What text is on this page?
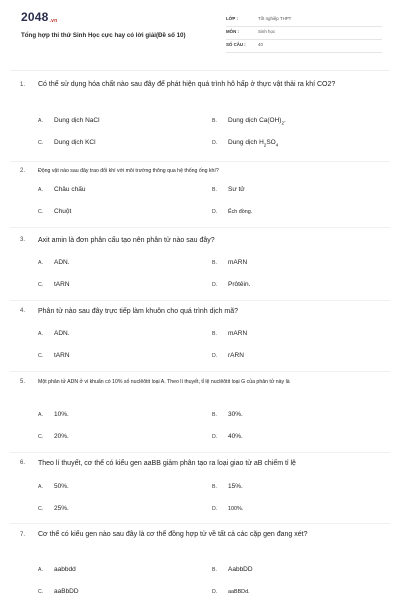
2048.vn
Tổng hợp thi thử Sinh Học cực hay có lời giải(Đề số 10)
LỚP :	Tốt nghiệp THPT
MÔN :	Sinh học
SỐ CÂU :	40
1. Có thể sử dụng hóa chất nào sau đây để phát hiện quá trình hô hấp ở thực vật thải ra khí CO2?
A. Dung dịch NaCl	B. Dung dịch $Ca(OH)_2$.
C. Dung dịch KCl	D. Dung dịch $H_2SO_4$
2. Động vật nào sau đây trao đổi khí với môi trường thông qua hệ thống ống khí?
A. Châu chấu	B. Sư tử
C. Chuột	D. Ếch đồng.
3. Axit amin là đơn phân cấu tạo nên phân tử nào sau đây?
A. ADN.	B. mARN
C. tARN	D. Prôtêin.
4. Phân tử nào sau đây trực tiếp làm khuôn cho quá trình dịch mã?
A. ADN.	B. mARN
C. tARN	D. rARN
5. Một phân tử ADN ở vi khuẩn có 10% số nuclêôtit loại A. Theo lí thuyết, tỉ lệ nuclêôtit loại G của phân tử này là
A. 10%.	B. 30%.
C. 20%.	D. 40%.
6. Theo lí thuyết, cơ thể có kiểu gen aaBB giảm phân tạo ra loại giao tử aB chiếm tỉ lệ
A. 50%.	B. 15%.
C. 25%.	D. 100%.
7. Cơ thể có kiểu gen nào sau đây là cơ thể đồng hợp tử về tất cả các cặp gen đang xét?
A. aabbdd	B. AabbDD
C. aaBbDD	D. aaBBDd.
